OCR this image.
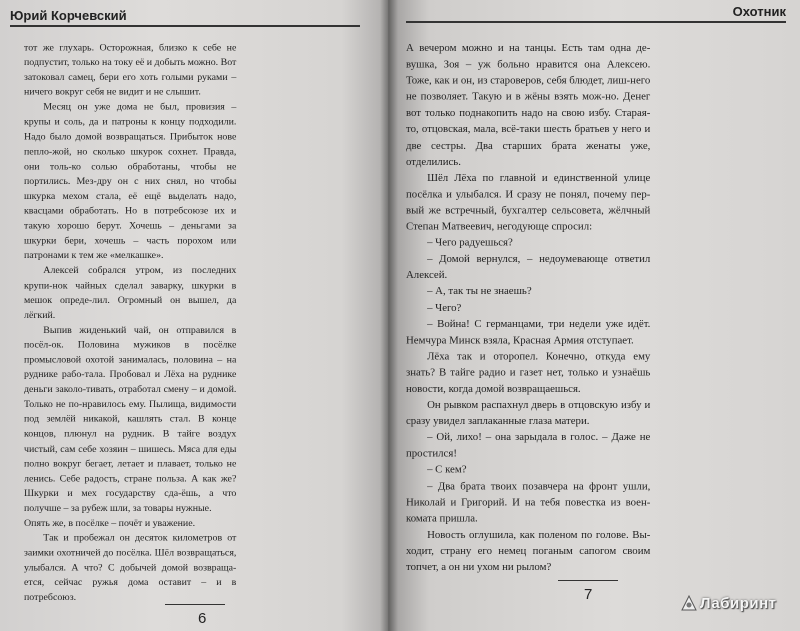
Юрий Корчевский

тот же глухарь. Осторожная, близко к себе не подпустит, только на току её и добыть можно. Вот затоковал самец, бери его хоть голыми руками – ничего вокруг себя не видит и не слышит.

Месяц он уже дома не был, провизия – крупы и соль, да и патроны к концу подходили. Надо было домой возвращаться. Прибыток нове пепло-жой, но сколько шкурок сохнет. Правда, они толь-ко солью обработаны, чтобы не портились. Мез-дру он с них снял, но чтобы шкурка мехом стала, её ещё выделать надо, квасцами обработать. Но в потребсоюзе их и такую хорошо берут. Хочешь – деньгами за шкурки бери, хочешь – часть порохом или патронами к тем же «мелкашке».

Алексей собрался утром, из последних крупи-нок чайных сделал заварку, шкурки в мешок опреде-лил. Огромный он вышел, да лёгкий.

Выпив жиденький чай, он отправился в посёл-ок. Половина мужиков в посёлке промысловой охотой занималась, половина – на руднике рабо-тала. Пробовал и Лёха на руднике деньги заколо-тивать, отработал смену – и домой. Только не по-нравилось ему. Пылища, видимости под землёй никакой, кашлять стал. В конце концов, плюнул на рудник. В тайге воздух чистый, сам себе хозяин – шишесь. Мяса для еды полно вокруг бегает, летает и плавает, только не ленись. Себе радость, стране польза. А как же? Шкурки и мех государству сда-ёшь, а что получше – за рубеж шли, за товары нужные.

Опять же, в посёлке – почёт и уважение.

Так и пробежал он десяток километров от заимки охотничей до посёлка. Шёл возвращаться, улыбался. А что? С добычей домой возвраща-ется, сейчас ружья дома оставит – и в потребсоюз.

6
Охотник

А вечером можно и на танцы. Есть там одна де-вушка, Зоя – уж больно нравится она Алексею. Тоже, как и он, из староверов, себя блюдет, лиш-него не позволяет. Такую и в жёны взять мож-но. Денег вот только поднакопить надо на свою избу. Старая-то, отцовская, мала, всё-таки шесть братьев у него и две сестры. Два старших брата женаты уже, отделились.

Шёл Лёха по главной и единственной улице посёлка и улыбался. И сразу не понял, почему пер-вый же встречный, бухгалтер сельсовета, жёлчный Степан Матвеевич, негодующе спросил:

– Чего радуешься?

– Домой вернулся, – недоумевающе ответил Алексей.

– А, так ты не знаешь?

– Чего?

– Война! С германцами, три недели уже идёт. Немчура Минск взяла, Красная Армия отступает.

Лёха так и оторопел. Конечно, откуда ему знать? В тайге радио и газет нет, только и узнаёшь новости, когда домой возвращаешься.

Он рывком распахнул дверь в отцовскую избу и сразу увидел заплаканные глаза матери.

– Ой, лихо! – она зарыдала в голос. – Даже не простился!

– С кем?

– Два брата твоих позавчера на фронт ушли, Николай и Григорий. И на тебя повестка из воен-комата пришла.

Новость оглушила, как поленом по голове. Вы-ходит, страну его немец поганым сапогом своим топчет, а он ни ухом ни рылом?

7	Лабиринт
